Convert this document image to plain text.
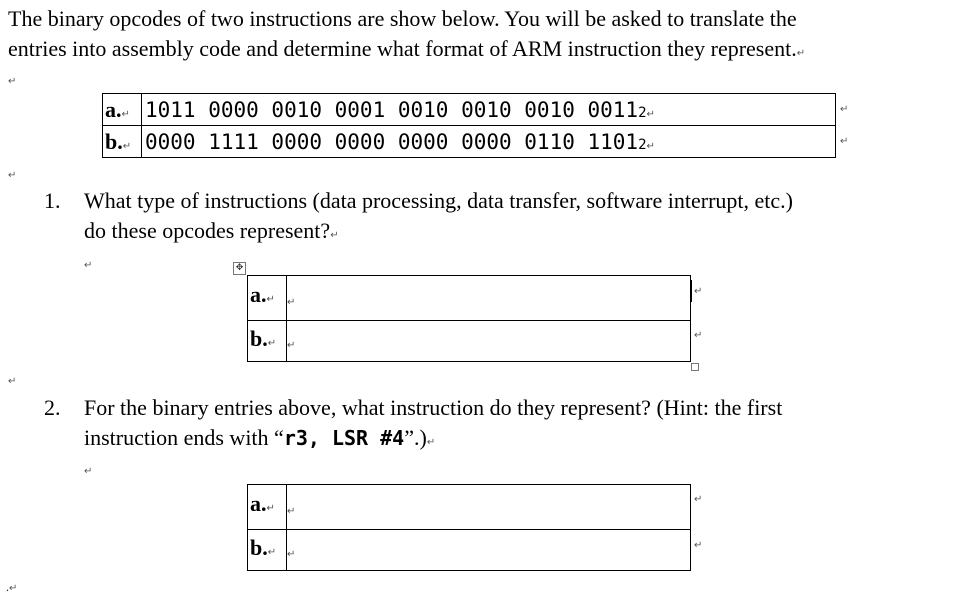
The binary opcodes of two instructions are show below. You will be asked to translate the
entries into assembly code and determine what format of ARM instruction they represent.↵
↵
a.↵	1011 0000 0010 0001 0010 0010 0010 00112↵
b.↵	0000 1111 0000 0000 0000 0000 0110 11012↵
↵
↵
↵
1. What type of instructions (data processing, data transfer, software interrupt, etc.)
do these opcodes represent?↵
↵	✥
a.↵	↵
b.↵	↵
↵
↵
↵
2. For the binary entries above, what instruction do they represent? (Hint: the first
instruction ends with “r3, LSR #4”.)↵
↵
a.↵	↵
b.↵	↵
↵
↵
.↵
